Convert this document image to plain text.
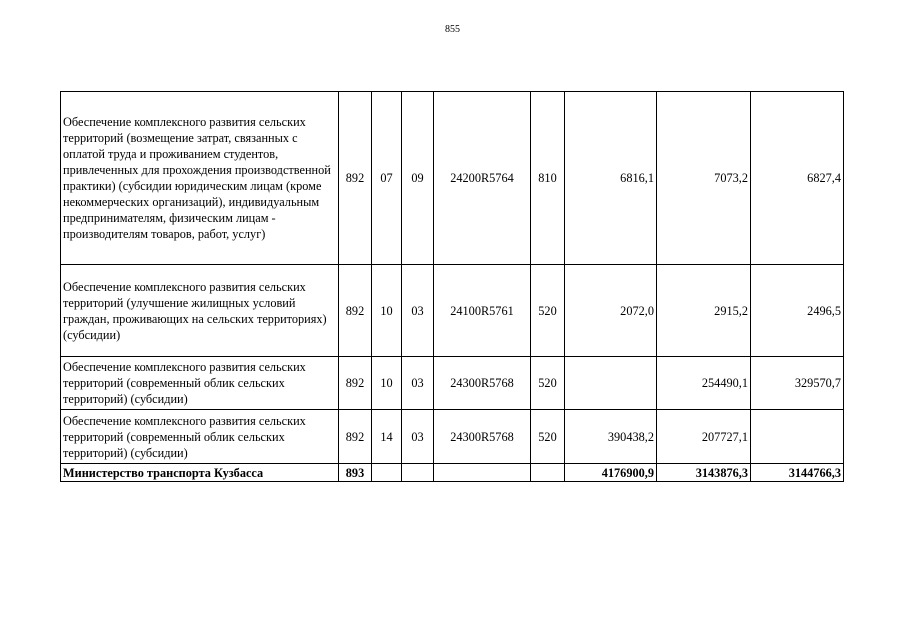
855
Обеспечение комплексного развития сельских территорий (возмещение затрат, связанных с оплатой труда и проживанием студентов, привлеченных для прохождения производственной практики) (субсидии юридическим лицам (кроме некоммерческих организаций), индивидуальным предпринимателям, физическим лицам - производителям товаров, работ, услуг)	892	07	09	24200R5764	810	6816,1	7073,2	6827,4
Обеспечение комплексного развития сельских территорий (улучшение жилищных условий граждан, проживающих на сельских территориях) (субсидии)	892	10	03	24100R5761	520	2072,0	2915,2	2496,5
Обеспечение комплексного развития сельских территорий (современный облик сельских территорий) (субсидии)	892	10	03	24300R5768	520		254490,1	329570,7
Обеспечение комплексного развития сельских территорий (современный облик сельских территорий) (субсидии)	892	14	03	24300R5768	520	390438,2	207727,1	
Министерство транспорта Кузбасса	893					4176900,9	3143876,3	3144766,3
